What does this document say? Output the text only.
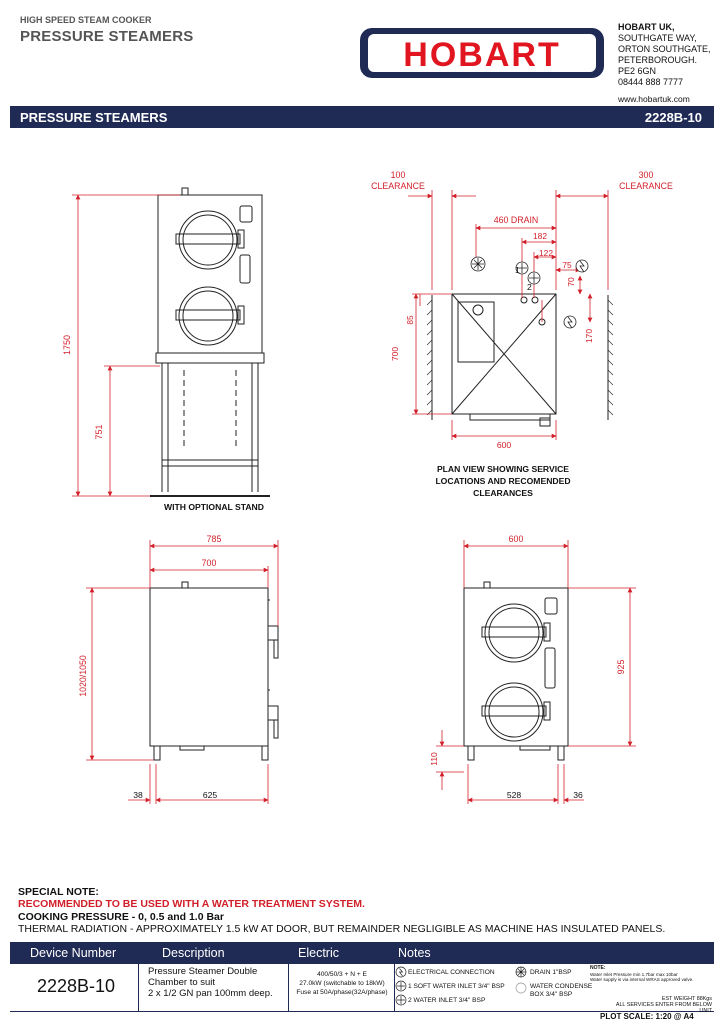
HIGH SPEED STEAM COOKER
PRESSURE STEAMERS	HOBART
HOBART UK,
SOUTHGATE WAY,
ORTON SOUTHGATE,
PETERBOROUGH.
PE2 6GN
08444 888 7777
www.hobartuk.com
PRESSURE STEAMERS	2228B-10
1750
751
WITH OPTIONAL STAND
100
CLEARANCE
300
CLEARANCE
460 DRAIN
182
122
75
70
85
700
170
600
1
2
PLAN VIEW SHOWING SERVICE
LOCATIONS AND RECOMENDED
CLEARANCES
785
700
1020/1050
38	625
600
925
110
528	36
SPECIAL NOTE:
RECOMMENDED TO BE USED WITH A WATER TREATMENT SYSTEM.
COOKING PRESSURE - 0, 0.5 and 1.0 Bar
THERMAL RADIATION - APPROXIMATELY 1.5 kW AT DOOR, BUT REMAINDER NEGLIGIBLE AS MACHINE HAS INSULATED PANELS.
Device Number	Description	Electric	Notes
2228B-10
Pressure Steamer Double
Chamber to suit
2 x 1/2 GN pan 100mm deep.
400/50/3 + N + E
27.0kW (switchable to 18kW)
Fuse at 50A/phase(32A/phase)
ELECTRICAL CONNECTION
1 SOFT WATER INLET 3/4" BSP
2 WATER INLET 3/4" BSP
DRAIN 1"BSP
WATER CONDENSE
BOX 3/4" BSP
NOTE:
Water Inlet Pressure min 1.7bar max 10bar
Water supply is via internal WRAS approved valve.
EST WEIGHT 88Kgs
ALL SERVICES ENTER FROM BELOW UNIT
PLOT SCALE: 1:20 @ A4
